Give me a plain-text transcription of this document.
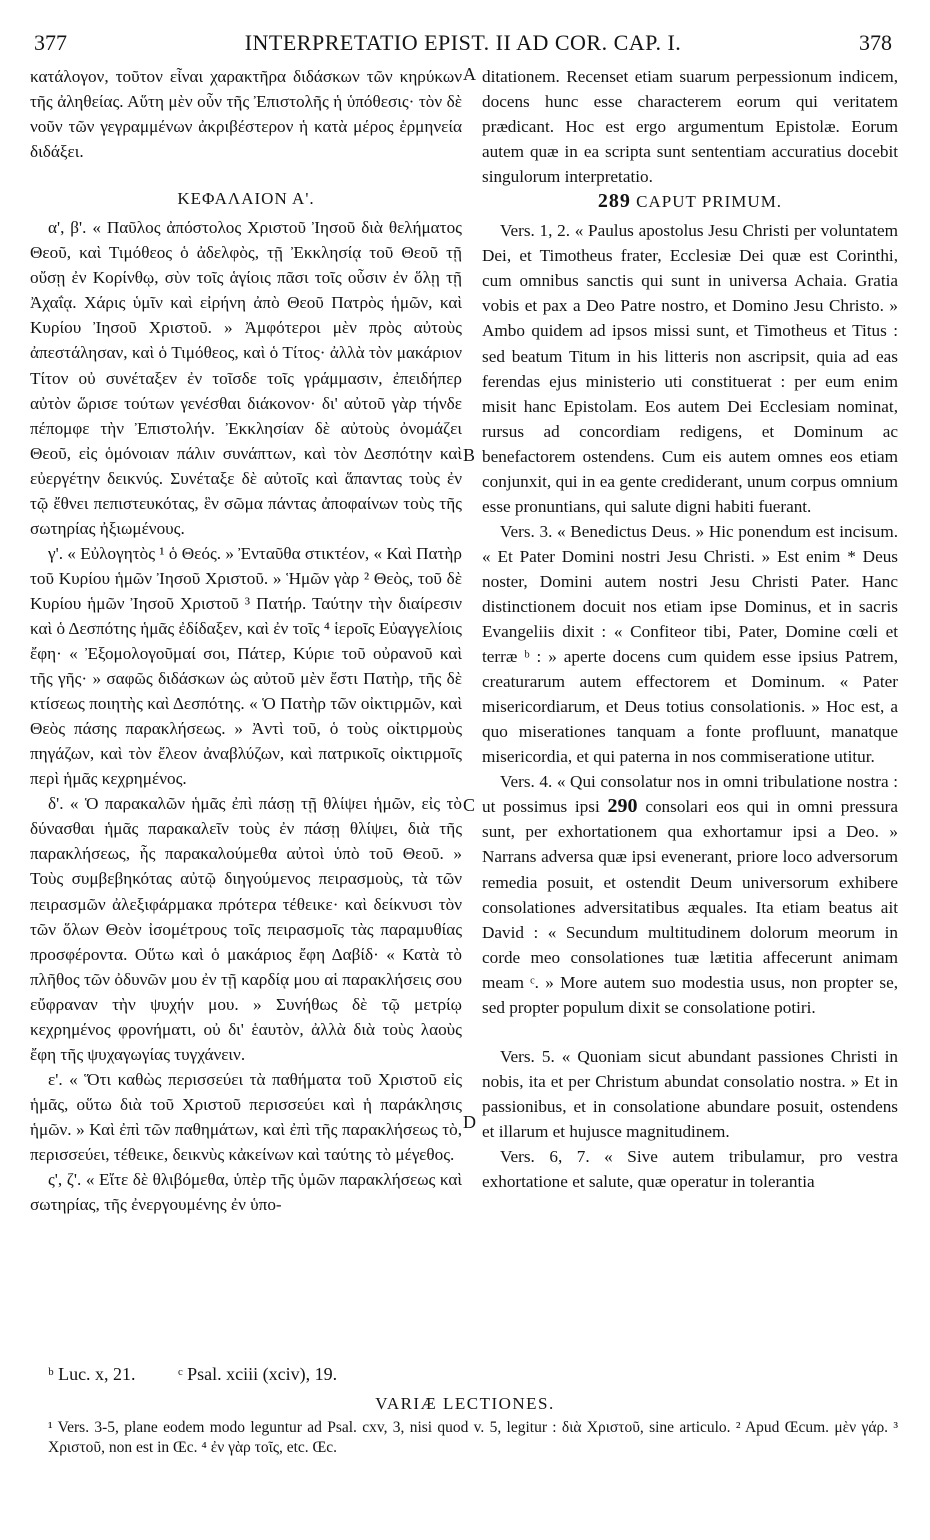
377	INTERPRETATIO EPIST. II AD COR. CAP. I.	378

κατάλογον, τοῦτον εἶναι χαρακτῆρα διδάσκων τῶν κηρύκων τῆς ἀληθείας. Αὕτη μὲν οὖν τῆς Ἐπιστολῆς ἡ ὑπόθεσις· τὸν δὲ νοῦν τῶν γεγραμμένων ἀκριβέστερον ἡ κατὰ μέρος ἑρμηνεία διδάξει.

ΚΕΦΑΛΑΙΟΝ Α'.

α', β'. « Παῦλος ἀπόστολος Χριστοῦ Ἰησοῦ διὰ θελήματος Θεοῦ, καὶ Τιμόθεος ὁ ἀδελφὸς, τῇ Ἐκκλησίᾳ τοῦ Θεοῦ τῇ οὔσῃ ἐν Κορίνθῳ, σὺν τοῖς ἁγίοις πᾶσι τοῖς οὖσιν ἐν ὅλῃ τῇ Ἀχαΐᾳ. Χάρις ὑμῖν καὶ εἰρήνη ἀπὸ Θεοῦ Πατρὸς ἡμῶν, καὶ Κυρίου Ἰησοῦ Χριστοῦ. » Ἀμφότεροι μὲν πρὸς αὐτοὺς ἀπεστάλησαν, καὶ ὁ Τιμόθεος, καὶ ὁ Τίτος· ἀλλὰ τὸν μακάριον Τίτον οὐ συνέταξεν ἐν τοῖσδε τοῖς γράμμασιν, ἐπειδήπερ αὐτὸν ὥρισε τούτων γενέσθαι διάκονον· δι' αὐτοῦ γὰρ τήνδε πέπομφε τὴν Ἐπιστολήν. Ἐκκλησίαν δὲ αὐτοὺς ὀνομάζει Θεοῦ, εἰς ὁμόνοιαν πάλιν συνάπτων, καὶ τὸν Δεσπότην καὶ εὐεργέτην δεικνύς. Συνέταξε δὲ αὐτοῖς καὶ ἅπαντας τοὺς ἐν τῷ ἔθνει πεπιστευκότας, ἓν σῶμα πάντας ἀποφαίνων τοὺς τῆς σωτηρίας ἠξιωμένους.

γ'. « Εὐλογητὸς ¹ ὁ Θεός. » Ἐνταῦθα στικτέον, « Καὶ Πατὴρ τοῦ Κυρίου ἡμῶν Ἰησοῦ Χριστοῦ. » Ἡμῶν γὰρ ² Θεὸς, τοῦ δὲ Κυρίου ἡμῶν Ἰησοῦ Χριστοῦ ³ Πατήρ. Ταύτην τὴν διαίρεσιν καὶ ὁ Δεσπότης ἡμᾶς ἐδίδαξεν, καὶ ἐν τοῖς ⁴ ἱεροῖς Εὐαγγελίοις ἔφη· « Ἐξομολογοῦμαί σοι, Πάτερ, Κύριε τοῦ οὐρανοῦ καὶ τῆς γῆς· » σαφῶς διδάσκων ὡς αὐτοῦ μὲν ἔστι Πατὴρ, τῆς δὲ κτίσεως ποιητὴς καὶ Δεσπότης. « Ὁ Πατὴρ τῶν οἰκτιρμῶν, καὶ Θεὸς πάσης παρακλήσεως. » Ἀντὶ τοῦ, ὁ τοὺς οἰκτιρμοὺς πηγάζων, καὶ τὸν ἔλεον ἀναβλύζων, καὶ πατρικοῖς οἰκτιρμοῖς περὶ ἡμᾶς κεχρημένος.

δ'. « Ὁ παρακαλῶν ἡμᾶς ἐπὶ πάσῃ τῇ θλίψει ἡμῶν, εἰς τὸ δύνασθαι ἡμᾶς παρακαλεῖν τοὺς ἐν πάσῃ θλίψει, διὰ τῆς παρακλήσεως, ἧς παρακαλούμεθα αὐτοὶ ὑπὸ τοῦ Θεοῦ. » Τοὺς συμβεβηκότας αὐτῷ διηγούμενος πειρασμοὺς, τὰ τῶν πειρασμῶν ἀλεξιφάρμακα πρότερα τέθεικε· καὶ δείκνυσι τὸν τῶν ὅλων Θεὸν ἰσομέτρους τοῖς πειρασμοῖς τὰς παραμυθίας προσφέροντα. Οὕτω καὶ ὁ μακάριος ἔφη Δαβίδ· « Κατὰ τὸ πλῆθος τῶν ὀδυνῶν μου ἐν τῇ καρδίᾳ μου αἱ παρακλήσεις σου εὔφραναν τὴν ψυχήν μου. » Συνήθως δὲ τῷ μετρίῳ κεχρημένος φρονήματι, οὐ δι' ἑαυτὸν, ἀλλὰ διὰ τοὺς λαοὺς ἔφη τῆς ψυχαγωγίας τυγχάνειν.

ε'. « Ὅτι καθὼς περισσεύει τὰ παθήματα τοῦ Χριστοῦ εἰς ἡμᾶς, οὕτω διὰ τοῦ Χριστοῦ περισσεύει καὶ ἡ παράκλησις ἡμῶν. » Καὶ ἐπὶ τῶν παθημάτων, καὶ ἐπὶ τῆς παρακλήσεως τὸ, περισσεύει, τέθεικε, δεικνὺς κἀκείνων καὶ ταύτης τὸ μέγεθος.

ς', ζ'. « Εἴτε δὲ θλιβόμεθα, ὑπὲρ τῆς ὑμῶν παρακλήσεως καὶ σωτηρίας, τῆς ἐνεργουμένης ἐν ὑπο-

A
B
C
D

ditationem. Recenset etiam suarum perpessionum indicem, docens hunc esse characterem eorum qui veritatem prædicant. Hoc est ergo argumentum Epistolæ. Eorum autem quæ in ea scripta sunt sententiam accuratius docebit singulorum interpretatio.

289 CAPUT PRIMUM.

Vers. 1, 2. « Paulus apostolus Jesu Christi per voluntatem Dei, et Timotheus frater, Ecclesiæ Dei quæ est Corinthi, cum omnibus sanctis qui sunt in universa Achaia. Gratia vobis et pax a Deo Patre nostro, et Domino Jesu Christo. » Ambo quidem ad ipsos missi sunt, et Timotheus et Titus : sed beatum Titum in his litteris non ascripsit, quia ad eas ferendas ejus ministerio uti constituerat : per eum enim misit hanc Epistolam. Eos autem Dei Ecclesiam nominat, rursus ad concordiam redigens, et Dominum ac benefactorem ostendens. Cum eis autem omnes eos etiam conjunxit, qui in ea gente crediderant, unum corpus omnium esse pronuntians, qui salute digni habiti fuerant.

Vers. 3. « Benedictus Deus. » Hic ponendum est incisum. « Et Pater Domini nostri Jesu Christi. » Est enim * Deus noster, Domini autem nostri Jesu Christi Pater. Hanc distinctionem docuit nos etiam ipse Dominus, et in sacris Evangeliis dixit : « Confiteor tibi, Pater, Domine cœli et terræ ᵇ : » aperte docens cum quidem esse ipsius Patrem, creaturarum autem effectorem et Dominum. « Pater misericordiarum, et Deus totius consolationis. » Hoc est, a quo miserationes tanquam a fonte profluunt, manatque misericordia, et qui paterna in nos commiseratione utitur.

Vers. 4. « Qui consolatur nos in omni tribulatione nostra : ut possimus ipsi 290 consolari eos qui in omni pressura sunt, per exhortationem qua exhortamur ipsi a Deo. » Narrans adversa quæ ipsi evenerant, priore loco adversorum remedia posuit, et ostendit Deum universorum exhibere consolationes adversitatibus æquales. Ita etiam beatus ait David : « Secundum multitudinem dolorum meorum in corde meo consolationes tuæ lætitia affecerunt animam meam ᶜ. » More autem suo modestia usus, non propter se, sed propter populum dixit se consolatione potiri.

Vers. 5. « Quoniam sicut abundant passiones Christi in nobis, ita et per Christum abundat consolatio nostra. » Et in passionibus, et in consolatione abundare posuit, ostendens et illarum et hujusce magnitudinem.

Vers. 6, 7. « Sive autem tribulamur, pro vestra exhortatione et salute, quæ operatur in tolerantia

ᵇ Luc. x, 21. ᶜ Psal. xciii (xciv), 19.
VARIÆ LECTIONES.
¹ Vers. 3-5, plane eodem modo leguntur ad Psal. cxv, 3, nisi quod v. 5, legitur : διὰ Χριστοῦ, sine articulo. ² Apud Œcum. μὲν γάρ. ³ Χριστοῦ, non est in Œc. ⁴ ἐν γὰρ τοῖς, etc. Œc.
